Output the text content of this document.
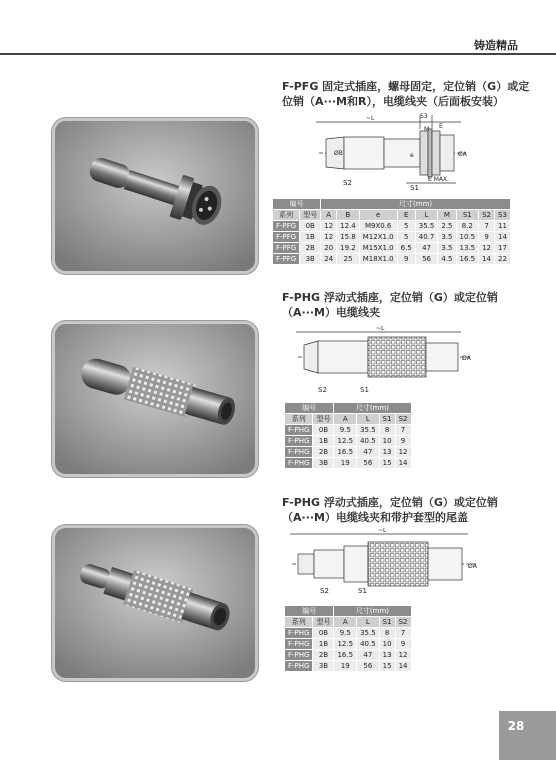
铸造精品
F-PFG 固定式插座，螺母固定，定位销（G）或定位销（A···M和R），电缆线夹（后面板安装）
~L
M
S3
E
ØB	ØA
e
E MAX.
S2
S1
编号		尺寸(mm)								
系列	型号	A	B	e	E	L	M	S1	S2	S3
F-PFG	0B	12	12.4	M9X0.6	5	35.5	2.5	8.2	7	11
F-PFG	1B	12	15.8	M12X1.0	5	40.7	3.5	10.5	9	14
F-PFG	2B	20	19.2	M15X1.0	6.5	47	3.5	13.5	12	17
F-PFG	3B	24	25	M18X1.0	9	56	4.5	16.5	14	22
F-PHG 浮动式插座，定位销（G）或定位销（A···M）电缆线夹
~L
ØA
S2	S1
编号		尺寸(mm)			
系列	型号	A	L	S1	S2
F-PHG	0B	9.5	35.5	8	7
F-PHG	1B	12.5	40.5	10	9
F-PHG	2B	16.5	47	13	12
F-PHG	3B	19	56	15	14
F-PHG 浮动式插座，定位销（G）或定位销（A···M）电缆线夹和带护套型的尾盖
~L
ØA
S2	S1
编号		尺寸(mm)			
系列	型号	A	L	S1	S2
F-PHG	0B	9.5	35.5	8	7
F-PHG	1B	12.5	40.5	10	9
F-PHG	2B	16.5	47	13	12
F-PHG	3B	19	56	15	14
28
